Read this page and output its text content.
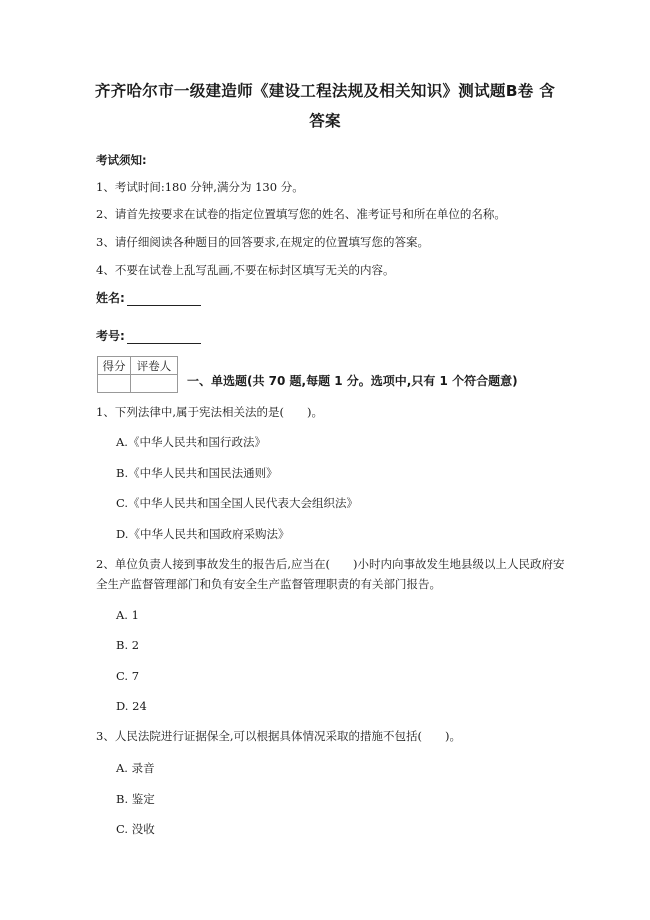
齐齐哈尔市一级建造师《建设工程法规及相关知识》测试题B卷 含
答案
考试须知:
1、考试时间:180 分钟,满分为 130 分。
2、请首先按要求在试卷的指定位置填写您的姓名、准考证号和所在单位的名称。
3、请仔细阅读各种题目的回答要求,在规定的位置填写您的答案。
4、不要在试卷上乱写乱画,不要在标封区填写无关的内容。
姓名:
考号:
得分	评卷人

一、单选题(共 70 题,每题 1 分。选项中,只有 1 个符合题意)
1、下列法律中,属于宪法相关法的是(　　)。
A.《中华人民共和国行政法》
B.《中华人民共和国民法通则》
C.《中华人民共和国全国人民代表大会组织法》
D.《中华人民共和国政府采购法》
2、单位负责人接到事故发生的报告后,应当在(　　)小时内向事故发生地县级以上人民政府安全生产监督管理部门和负有安全生产监督管理职责的有关部门报告。
A. 1
B. 2
C. 7
D. 24
3、人民法院进行证据保全,可以根据具体情况采取的措施不包括(　　)。
A. 录音
B. 鉴定
C. 没收
